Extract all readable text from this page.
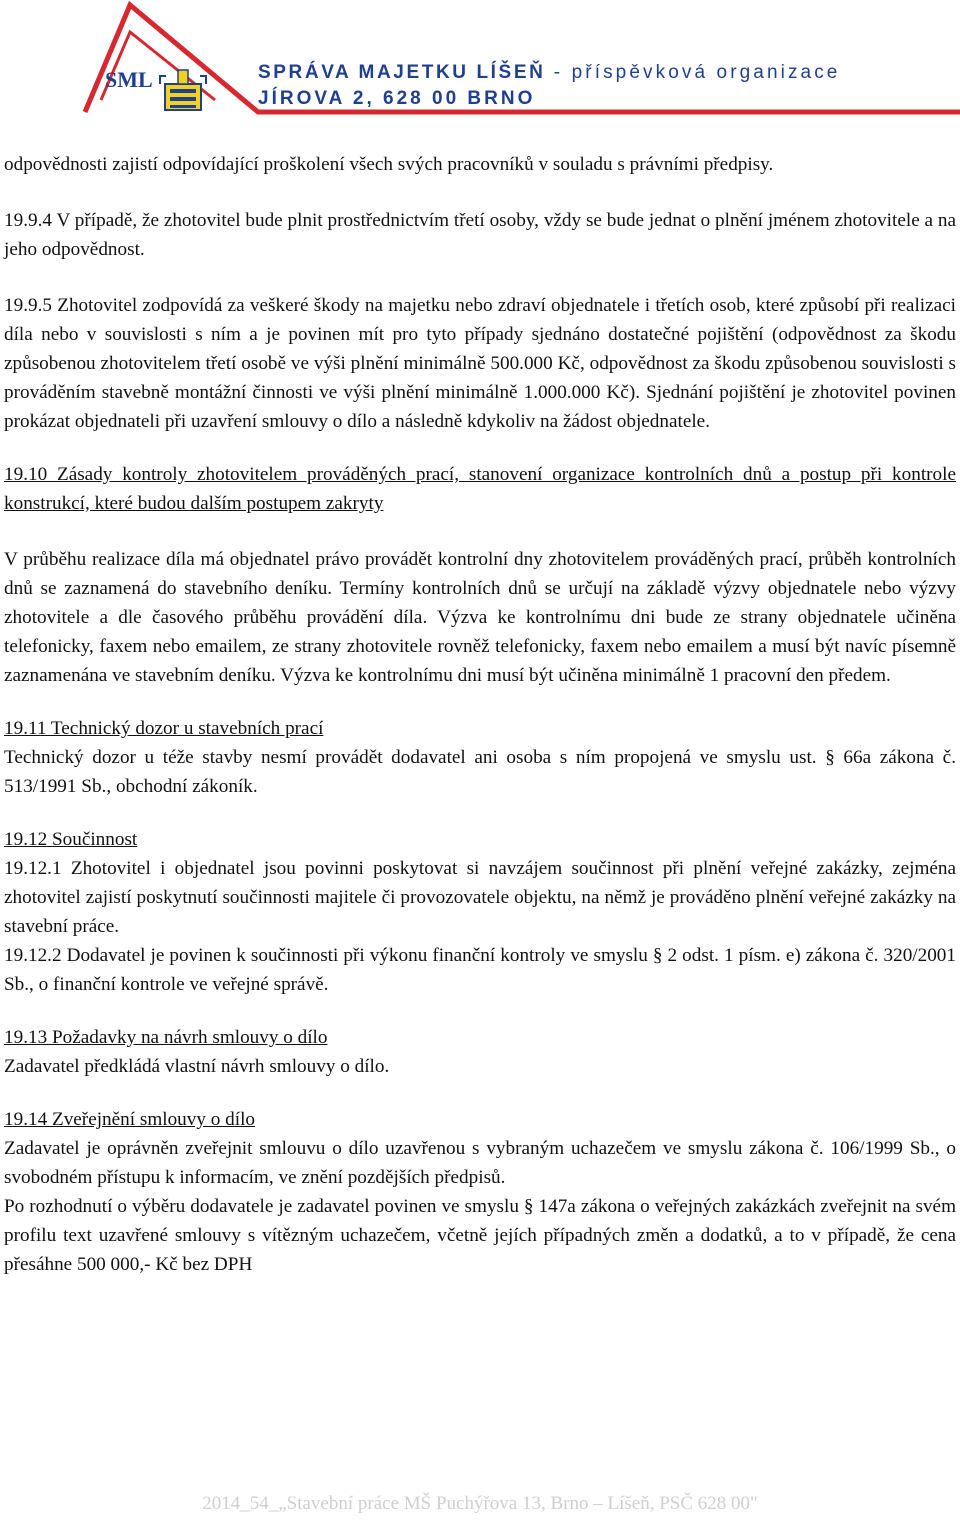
SML	SPRÁVA MAJETKU LÍŠEŇ - příspěvková organizace
JÍROVA 2, 628 00 BRNO

odpovědnosti zajistí odpovídající proškolení všech svých pracovníků v souladu s právními předpisy.

19.9.4 V případě, že zhotovitel bude plnit prostřednictvím třetí osoby, vždy se bude jednat o plnění jménem zhotovitele a na jeho odpovědnost.

19.9.5 Zhotovitel zodpovídá za veškeré škody na majetku nebo zdraví objednatele i třetích osob, které způsobí při realizaci díla nebo v souvislosti s ním a je povinen mít pro tyto případy sjednáno dostatečné pojištění (odpovědnost za škodu způsobenou zhotovitelem třetí osobě ve výši plnění minimálně 500.000 Kč, odpovědnost za škodu způsobenou souvislosti s prováděním stavebně montážní činnosti ve výši plnění minimálně 1.000.000 Kč). Sjednání pojištění je zhotovitel povinen prokázat objednateli při uzavření smlouvy o dílo a následně kdykoliv na žádost objednatele.

19.10 Zásady kontroly zhotovitelem prováděných prací, stanovení organizace kontrolních dnů a postup při kontrole konstrukcí, které budou dalším postupem zakryty

V průběhu realizace díla má objednatel právo provádět kontrolní dny zhotovitelem prováděných prací, průběh kontrolních dnů se zaznamená do stavebního deníku. Termíny kontrolních dnů se určují na základě výzvy objednatele nebo výzvy zhotovitele a dle časového průběhu provádění díla. Výzva ke kontrolnímu dni bude ze strany objednatele učiněna telefonicky, faxem nebo emailem, ze strany zhotovitele rovněž telefonicky, faxem nebo emailem a musí být navíc písemně zaznamenána ve stavebním deníku. Výzva ke kontrolnímu dni musí být učiněna minimálně 1 pracovní den předem.

19.11 Technický dozor u stavebních prací

Technický dozor u téže stavby nesmí provádět dodavatel ani osoba s ním propojená ve smyslu ust. § 66a zákona č. 513/1991 Sb., obchodní zákoník.

19.12 Součinnost

19.12.1 Zhotovitel i objednatel jsou povinni poskytovat si navzájem součinnost při plnění veřejné zakázky, zejména zhotovitel zajistí poskytnutí součinnosti majitele či provozovatele objektu, na němž je prováděno plnění veřejné zakázky na stavební práce.

19.12.2 Dodavatel je povinen k součinnosti při výkonu finanční kontroly ve smyslu § 2 odst. 1 písm. e) zákona č. 320/2001 Sb., o finanční kontrole ve veřejné správě.

19.13 Požadavky na návrh smlouvy o dílo

Zadavatel předkládá vlastní návrh smlouvy o dílo.

19.14 Zveřejnění smlouvy o dílo

Zadavatel je oprávněn zveřejnit smlouvu o dílo uzavřenou s vybraným uchazečem ve smyslu zákona č. 106/1999 Sb., o svobodném přístupu k informacím, ve znění pozdějších předpisů.

Po rozhodnutí o výběru dodavatele je zadavatel povinen ve smyslu § 147a zákona o veřejných zakázkách zveřejnit na svém profilu text uzavřené smlouvy s vítězným uchazečem, včetně jejích případných změn a dodatků, a to v případě, že cena přesáhne 500 000,- Kč bez DPH

2014_54_„Stavební práce MŠ Puchýřova 13, Brno – Líšeň, PSČ 628 00"
